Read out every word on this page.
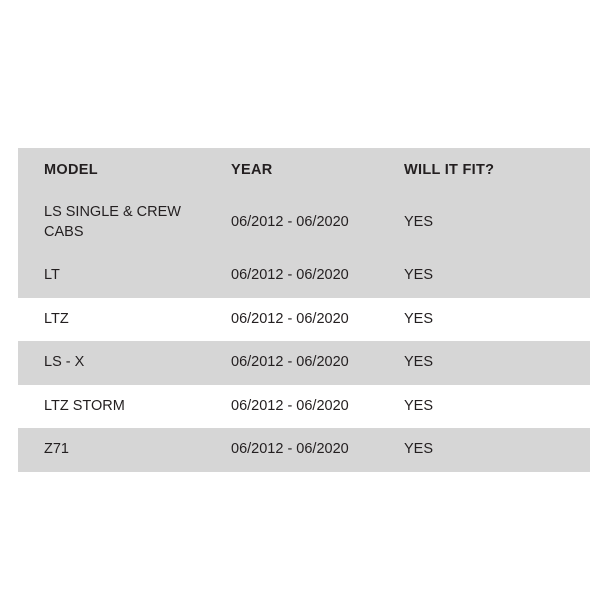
MODEL	YEAR	WILL IT FIT?

LS SINGLE & CREW
CABS	06/2012 - 06/2020	YES
LT	06/2012 - 06/2020	YES
LTZ	06/2012 - 06/2020	YES
LS - X	06/2012 - 06/2020	YES
LTZ STORM	06/2012 - 06/2020	YES
Z71	06/2012 - 06/2020	YES
